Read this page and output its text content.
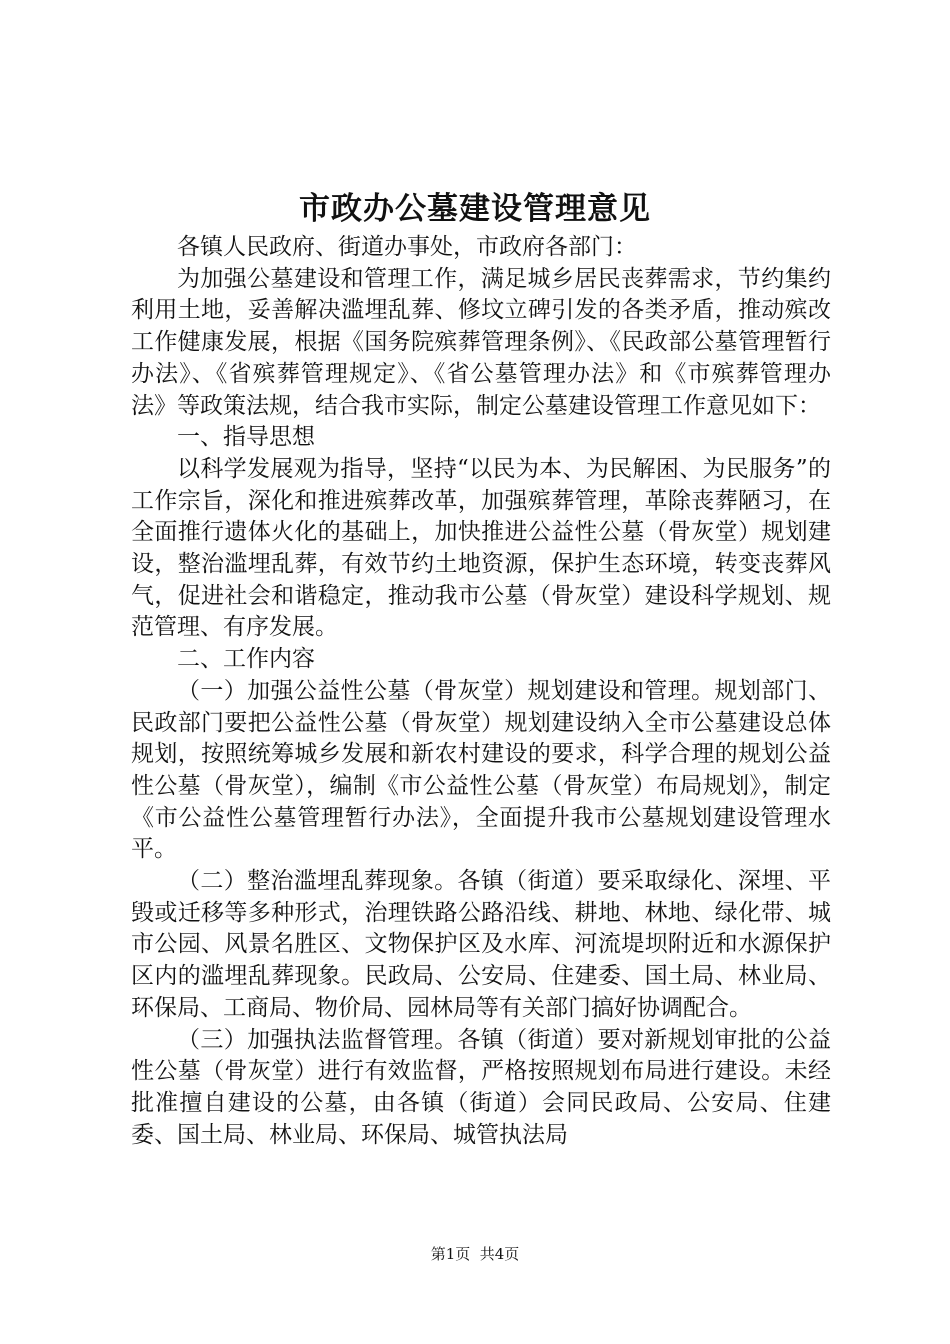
市政办公墓建设管理意见

各镇人民政府、街道办事处，市政府各部门：

为加强公墓建设和管理工作，满足城乡居民丧葬需求，节约集约利用土地，妥善解决滥埋乱葬、修坟立碑引发的各类矛盾，推动殡改工作健康发展，根据《国务院殡葬管理条例》、《民政部公墓管理暂行办法》、《省殡葬管理规定》、《省公墓管理办法》和《市殡葬管理办法》等政策法规，结合我市实际，制定公墓建设管理工作意见如下：

一、指导思想

以科学发展观为指导，坚持“以民为本、为民解困、为民服务”的工作宗旨，深化和推进殡葬改革，加强殡葬管理，革除丧葬陋习，在全面推行遗体火化的基础上，加快推进公益性公墓（骨灰堂）规划建设，整治滥埋乱葬，有效节约土地资源，保护生态环境，转变丧葬风气，促进社会和谐稳定，推动我市公墓（骨灰堂）建设科学规划、规范管理、有序发展。

二、工作内容

（一）加强公益性公墓（骨灰堂）规划建设和管理。规划部门、民政部门要把公益性公墓（骨灰堂）规划建设纳入全市公墓建设总体规划，按照统筹城乡发展和新农村建设的要求，科学合理的规划公益性公墓（骨灰堂），编制《市公益性公墓（骨灰堂）布局规划》，制定《市公益性公墓管理暂行办法》，全面提升我市公墓规划建设管理水平。

（二）整治滥埋乱葬现象。各镇（街道）要采取绿化、深埋、平毁或迁移等多种形式，治理铁路公路沿线、耕地、林地、绿化带、城市公园、风景名胜区、文物保护区及水库、河流堤坝附近和水源保护区内的滥埋乱葬现象。民政局、公安局、住建委、国土局、林业局、环保局、工商局、物价局、园林局等有关部门搞好协调配合。

（三）加强执法监督管理。各镇（街道）要对新规划审批的公益性公墓（骨灰堂）进行有效监督，严格按照规划布局进行建设。未经批准擅自建设的公墓，由各镇（街道）会同民政局、公安局、住建委、国土局、林业局、环保局、城管执法局

第1页  共4页
